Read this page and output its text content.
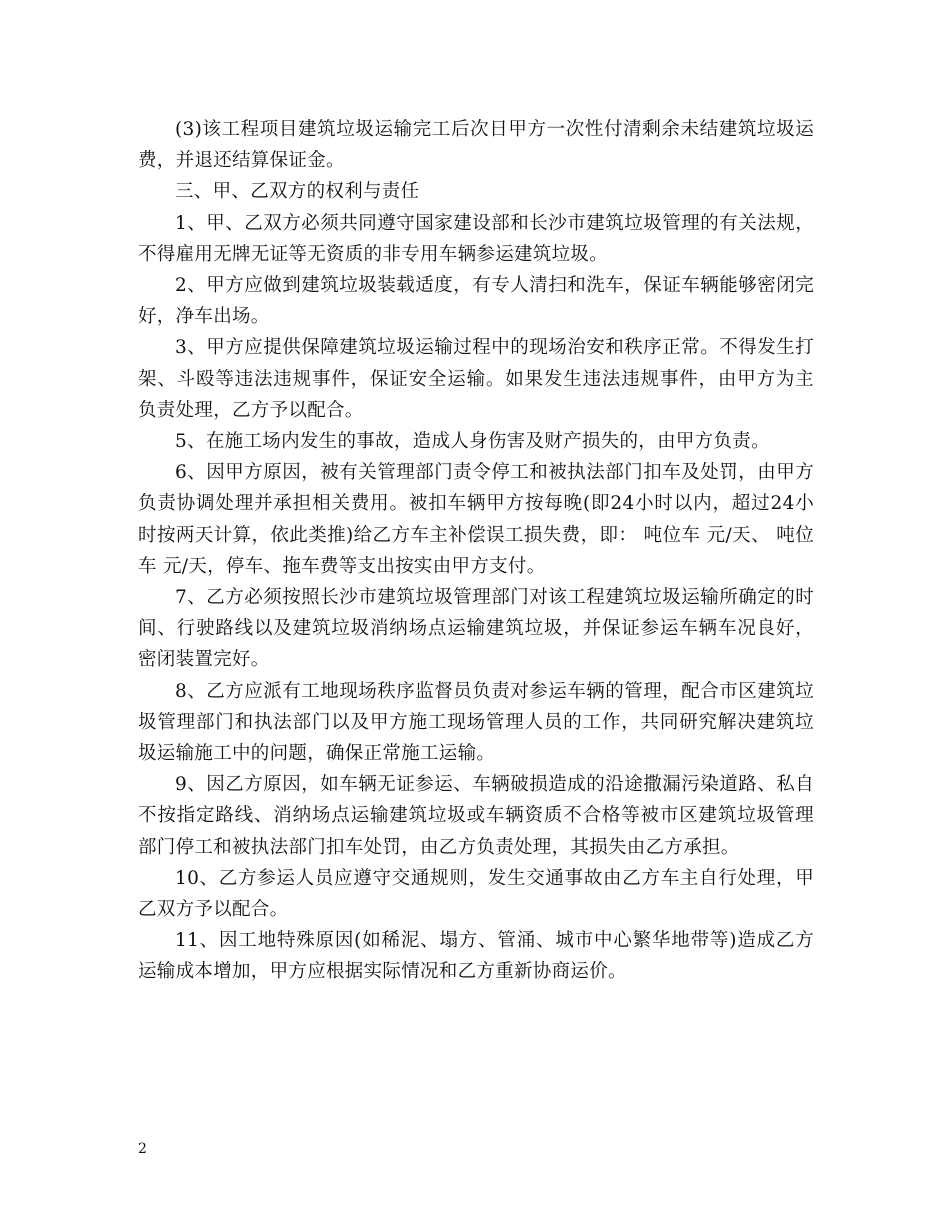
(3)该工程项目建筑垃圾运输完工后次日甲方一次性付清剩余未结建筑垃圾运费，并退还结算保证金。

三、甲、乙双方的权利与责任

1、甲、乙双方必须共同遵守国家建设部和长沙市建筑垃圾管理的有关法规，不得雇用无牌无证等无资质的非专用车辆参运建筑垃圾。

2、甲方应做到建筑垃圾装载适度，有专人清扫和洗车，保证车辆能够密闭完好，净车出场。

3、甲方应提供保障建筑垃圾运输过程中的现场治安和秩序正常。不得发生打架、斗殴等违法违规事件，保证安全运输。如果发生违法违规事件，由甲方为主负责处理，乙方予以配合。

5、在施工场内发生的事故，造成人身伤害及财产损失的，由甲方负责。

6、因甲方原因，被有关管理部门责令停工和被执法部门扣车及处罚，由甲方负责协调处理并承担相关费用。被扣车辆甲方按每晚(即24小时以内，超过24小时按两天计算，依此类推)给乙方车主补偿误工损失费，即： 吨位车 元/天、 吨位车 元/天，停车、拖车费等支出按实由甲方支付。

7、乙方必须按照长沙市建筑垃圾管理部门对该工程建筑垃圾运输所确定的时间、行驶路线以及建筑垃圾消纳场点运输建筑垃圾，并保证参运车辆车况良好，密闭装置完好。

8、乙方应派有工地现场秩序监督员负责对参运车辆的管理，配合市区建筑垃圾管理部门和执法部门以及甲方施工现场管理人员的工作，共同研究解决建筑垃圾运输施工中的问题，确保正常施工运输。

9、因乙方原因，如车辆无证参运、车辆破损造成的沿途撒漏污染道路、私自不按指定路线、消纳场点运输建筑垃圾或车辆资质不合格等被市区建筑垃圾管理部门停工和被执法部门扣车处罚，由乙方负责处理，其损失由乙方承担。

10、乙方参运人员应遵守交通规则，发生交通事故由乙方车主自行处理，甲乙双方予以配合。

11、因工地特殊原因(如稀泥、塌方、管涌、城市中心繁华地带等)造成乙方运输成本增加，甲方应根据实际情况和乙方重新协商运价。

2
